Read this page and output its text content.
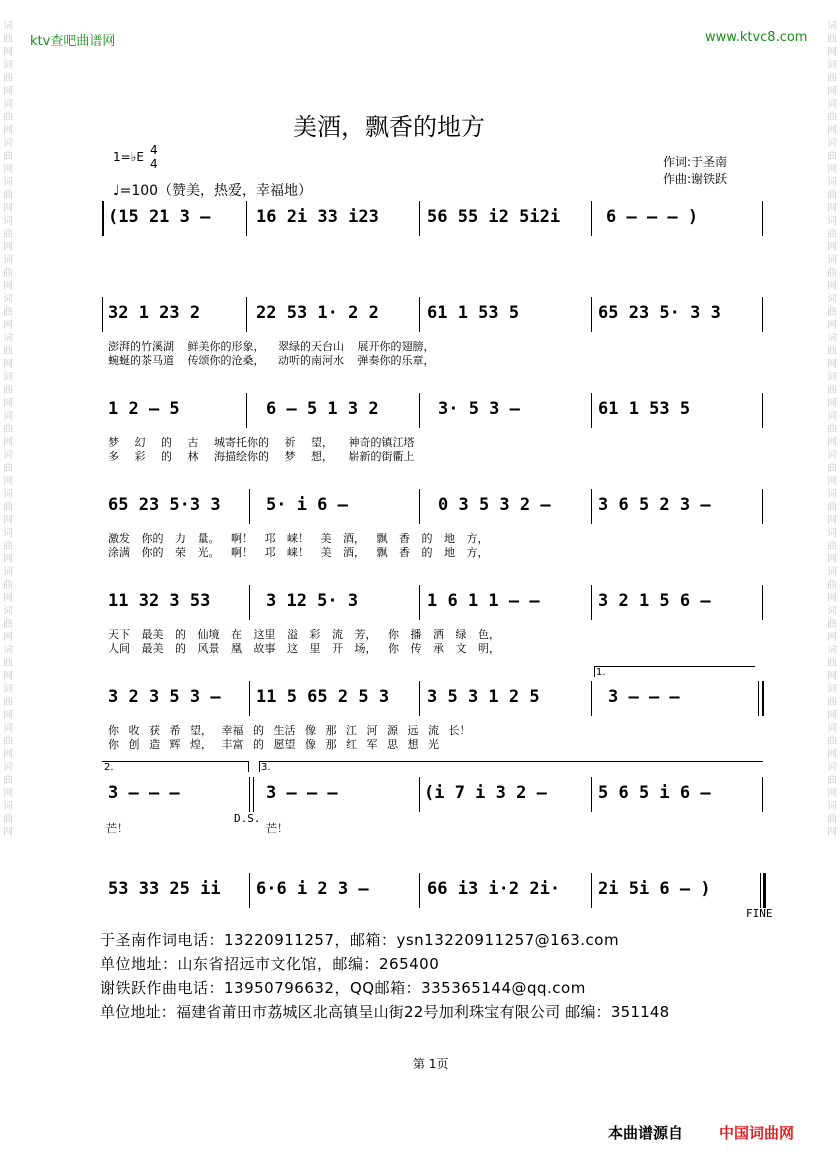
词
曲
网
词
曲
网
词
曲
网
词
曲
网
词
曲
网
词
曲
网
词
曲
网
词
曲
网
词
曲
网
词
曲
网
词
曲
网
词
曲
网
词
曲
网
词
曲
网
词
曲
网
词
曲
网
词
曲
网
词
曲
网
词
曲
网
词
曲
网
词
曲
网
词
曲
网
词
曲
网
词
曲
网
词
曲
网
词
曲
网
词
曲
网
词
曲
网
词
曲
网
词
曲
网
词
曲
网
词
曲
网
词
曲
网
词
曲
网
词
曲
网
词
曲
网
词
曲
网
词
曲
网
词
曲
网
词
曲
网
词
曲
网
词
曲
网
ktv查吧曲谱网	www.ktvc8.com
美酒，飘香的地方
1=♭E 4
4
♩=100（赞美，热爱，幸福地）
作词:于圣南
作曲:谢铁跃
(15 21 3 –	16 2i 33 i23	56 55 i2 5i2i	6 – – – )
32 1 23 2	22 53 1· 2 2	61 1 53 5	65 23 5· 3 3
澎湃的竹溪湖 鲜美你的形象， 翠绿的天台山 展开你的翅膀，
蜿蜒的茶马道 传颂你的沧桑， 动听的南河水 弹奏你的乐章，
1 2 – 5	6 – 5 1 3 2	3· 5 3 –	61 1 53 5
梦 幻 的 古 城寄托你的 祈 望， 神奇的镇江塔
多 彩 的 林 海描绘你的 梦 想， 崭新的街衢上
65 23 5·3 3	5· i 6 –	0 3 5 3 2 –	3 6 5 2 3 –
激发 你的 力 量。 啊！ 邛 崃！ 美 酒， 飘 香 的 地 方，
涂满 你的 荣 光。 啊！ 邛 崃！ 美 酒， 飘 香 的 地 方，
11 32 3 53	3 12 5· 3	1 6 1 1 – –	3 2 1 5 6 –
天下 最美 的 仙境 在 这里 溢 彩 流 芳， 你 播 洒 绿 色，
人间 最美 的 风景 凰 故事 这 里 开 场， 你 传 承 文 明，
1.
3 2 3 5 3 – 11 5 65 2 5 3 3 5 3 1 2 5	3 – – –
你 收 获 希 望， 幸福 的 生活 像 那 江 河 源 远 流 长！
你 创 造 辉 煌， 丰富 的 愿望 像 那 红 军 思 想 光
2.	3.
3 – – –	3 – – –	(i 7 i 3 2 –	5 6 5 i 6 –
D.S.
芒！	芒！
53 33 25 ii 6·6 i 2 3 –	66 i3 i·2 2i· 2i 5i 6 – )
FINE
于圣南作词电话：13220911257，邮箱：ysn13220911257@163.com
单位地址：山东省招远市文化馆，邮编：265400
谢铁跃作曲电话：13950796632，QQ邮箱：335365144@qq.com
单位地址：福建省莆田市荔城区北高镇呈山街22号加利珠宝有限公司 邮编：351148
第 1页
本曲谱源自 中国词曲网
